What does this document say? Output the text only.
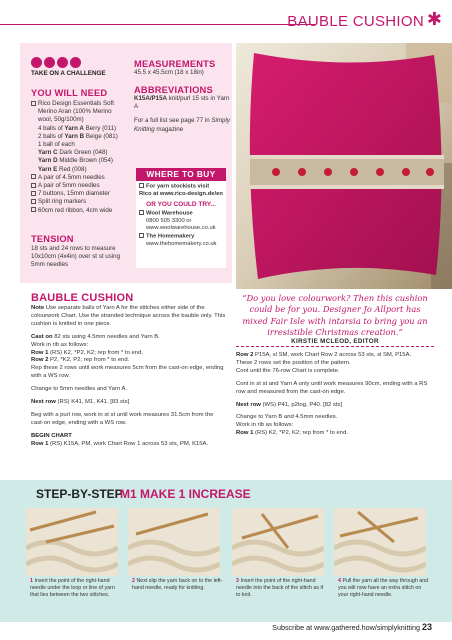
BAUBLE CUSHION ✱
TAKE ON A CHALLENGE
YOU WILL NEED
Rico Design Essentials Soft
Merino Aran (100% Merino
wool, 50g/100m)
4 balls of Yarn A Berry (011)
2 balls of Yarn B Beige (081)
1 ball of each
Yarn C Dark Green (048)
Yarn D Middle Brown (054)
Yarn E Red (008)
A pair of 4.5mm needles
A pair of 5mm needles
7 buttons, 15mm diameter
Split ring markers
60cm red ribbon, 4cm wide
TENSION
18 sts and 24 rows to measure 10x10cm (4x4in) over st st using 5mm needles
MEASUREMENTS
45.5 x 45.5cm (18 x 18in)
ABBREVIATIONS
K15A/P15A knit/purl 15 sts in Yarn A
For a full list see page 77 in Simply Knitting magazine
WHERE TO BUY
For yarn stockists visit Rico at www.rico-design.de/en
OR YOU COULD TRY...
Wool Warehouse
0800 505 3300 or
www.woolwarehouse.co.uk
The Homemakery
www.thehomemakery.co.uk
BAUBLE CUSHION
Note Use separate balls of Yarn A for the stitches either side of the colourwork Chart. Use the stranded technique across the bauble only. This cushion is knitted in one piece.
Cast on 82 sts using 4.5mm needles and Yarn B.
Work in rib as follows:
Row 1 (RS) K2, *P2, K2; rep from * to end.
Row 2 P2, *K2, P2; rep from * to end.
Rep these 2 rows until work measures 5cm from the cast-on edge, ending with a WS row.
Change to 5mm needles and Yarn A.
Next row (RS) K41, M1, K41. [83 sts]
Beg with a purl row, work in st st until work measures 31.5cm from the cast-on edge, ending with a WS row.
BEGIN CHART
Row 1 (RS) K15A, PM, work Chart Row 1 across 53 sts, PM, K15A.
“Do you love colourwork? Then this cushion could be for you. Designer Jo Allport has mixed Fair Isle with intarsia to bring you an irresistible Christmas creation.”
KIRSTIE MCLEOD, EDITOR
Row 2 P15A, sl SM, work Chart Row 2 across 53 sts, sl SM, P15A.
These 2 rows set the position of the pattern.
Cont until the 76-row Chart is complete.
Cont in st st and Yarn A only until work measures 90cm, ending with a RS row and measured from the cast-on edge.
Next row (WS) P41, p2tog, P40. [82 sts]
Change to Yarn B and 4.5mm needles.
Work in rib as follows:
Row 1 (RS) K2, *P2, K2; rep from * to end.
STEP-BY-STEP
M1 MAKE 1 INCREASE
1 Insert the point of the right-hand needle under the loop or line of yarn that lies between the two stitches.
2 Next slip the yarn back on to the left-hand needle, ready for knitting.
3 Insert the point of the right-hand needle into the back of the stitch as if to knit.
4 Pull the yarn all the way through and you will now have an extra stitch on your right-hand needle.
Subscribe at www.gathered.how/simplyknitting 23
